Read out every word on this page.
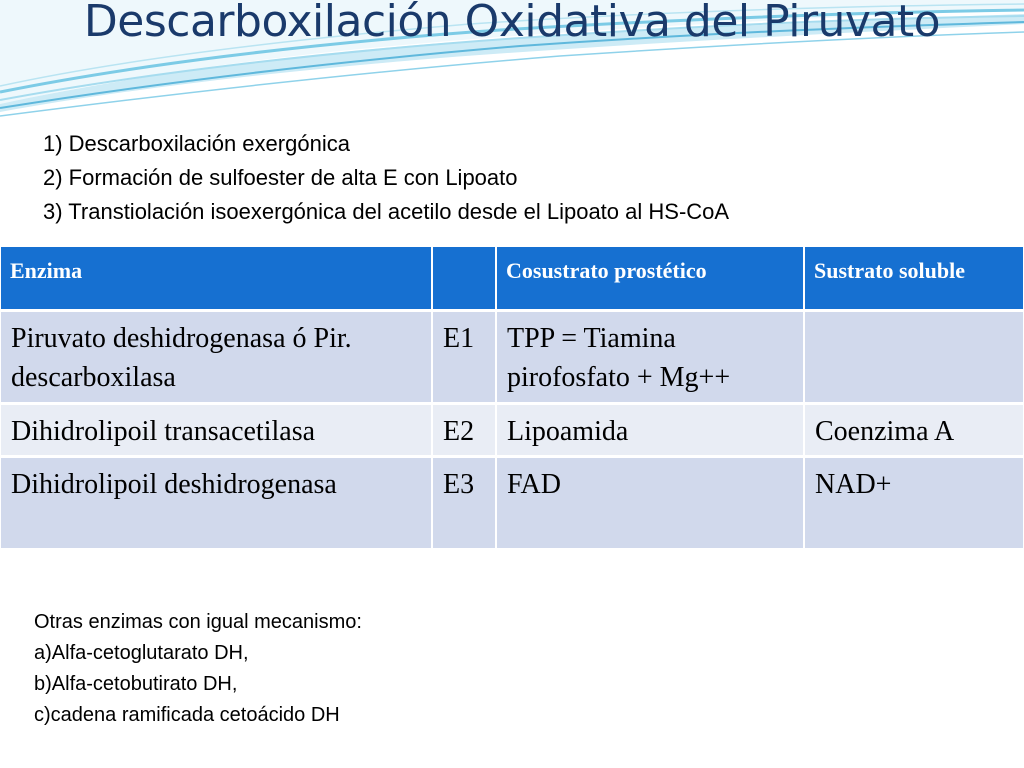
Descarboxilación Oxidativa del Piruvato
1) Descarboxilación exergónica
2) Formación de sulfoester de alta E con Lipoato
3) Transtiolación isoexergónica del acetilo desde el Lipoato al HS-CoA
Enzima		Cosustrato prostético	Sustrato soluble
Piruvato deshidrogenasa ó Pir. descarboxilasa	E1	TPP = Tiamina pirofosfato + Mg++	
Dihidrolipoil transacetilasa	E2	Lipoamida	Coenzima A
Dihidrolipoil deshidrogenasa	E3	FAD	NAD+
Otras enzimas con igual mecanismo:
a)Alfa-cetoglutarato DH,
b)Alfa-cetobutirato DH,
c)cadena ramificada cetoácido DH
